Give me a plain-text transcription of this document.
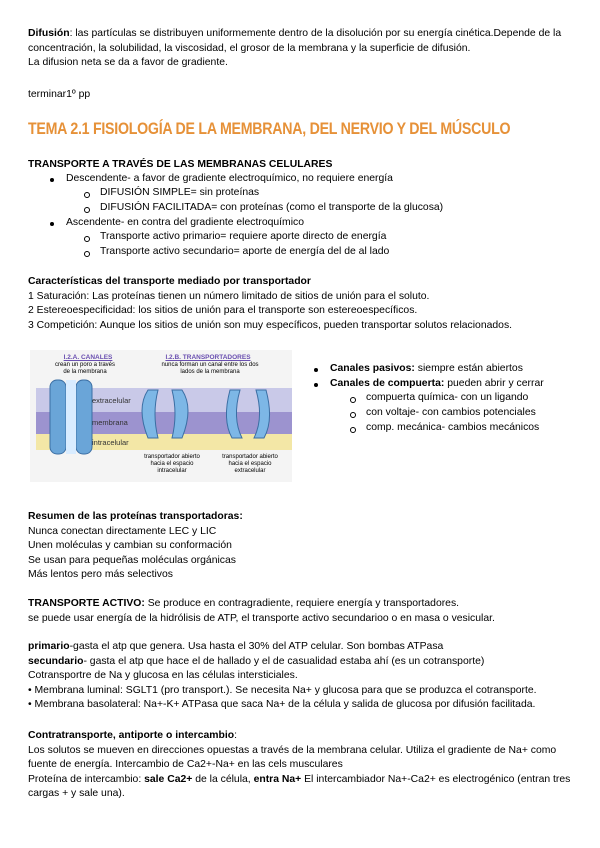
Difusión: las partículas se distribuyen uniformemente dentro de la disolución por su energía cinética.Depende de la concentración, la solubilidad, la viscosidad, el grosor de la membrana y la superficie de difusión.
La difusion neta se da a favor de gradiente.
terminar1º pp
TEMA 2.1 FISIOLOGÍA DE LA MEMBRANA, DEL NERVIO Y DEL MÚSCULO
TRANSPORTE A TRAVÉS DE LAS MEMBRANAS CELULARES
Descendente- a favor de gradiente electroquímico, no requiere energía
DIFUSIÓN SIMPLE= sin proteínas
DIFUSIÓN FACILITADA= con proteínas (como el transporte de la glucosa)
Ascendente- en contra del gradiente electroquímico
Transporte activo primario= requiere aporte directo de energía
Transporte activo secundario= aporte de energía del de al lado
Características del transporte mediado por transportador
1 Saturación: Las proteínas tienen un número limitado de sitios de unión para el soluto.
2 Estereoespecificidad: los sitios de unión para el transporte son estereoespecíficos.
3 Competición: Aunque los sitios de unión son muy específicos, pueden transportar solutos relacionados.
I.2.A. CANALES
crean un poro a través de la membrana
I.2.B. TRANSPORTADORES
nunca forman un canal entre los dos lados de la membrana
extracelular
membrana
intracelular
transportador abierto hacia el espacio intracelular
transportador abierto hacia el espacio extracelular
Canales pasivos: siempre están abiertos
Canales de compuerta: pueden abrir y cerrar
compuerta química- con un ligando
con voltaje- con cambios potenciales
comp. mecánica- cambios mecánicos
Resumen de las proteínas transportadoras:
Nunca conectan directamente LEC y LIC
Unen moléculas y cambian su conformación
Se usan para pequeñas moléculas orgánicas
Más lentos pero más selectivos
TRANSPORTE ACTIVO: Se produce en contragradiente, requiere energía y transportadores.
se puede usar energía de la hidrólisis de ATP, el transporte activo secundarioo o en masa o vesicular.
primario-gasta el atp que genera. Usa hasta el 30% del ATP celular. Son bombas ATPasa
secundario- gasta el atp que hace el de hallado y el de casualidad estaba ahí (es un cotransporte)
Cotransportre de Na y glucosa en las células intersticiales.
• Membrana luminal: SGLT1 (pro transport.). Se necesita Na+ y glucosa para que se produzca el cotransporte.
• Membrana basolateral: Na+-K+ ATPasa que saca Na+ de la célula y salida de glucosa por difusión facilitada.
Contratransporte, antiporte o intercambio:
Los solutos se mueven en direcciones opuestas a través de la membrana celular. Utiliza el gradiente de Na+ como fuente de energía. Intercambio de Ca2+-Na+ en las cels musculares
Proteína de intercambio: sale Ca2+ de la célula, entra Na+ El intercambiador Na+-Ca2+ es electrogénico (entran tres cargas + y sale una).
